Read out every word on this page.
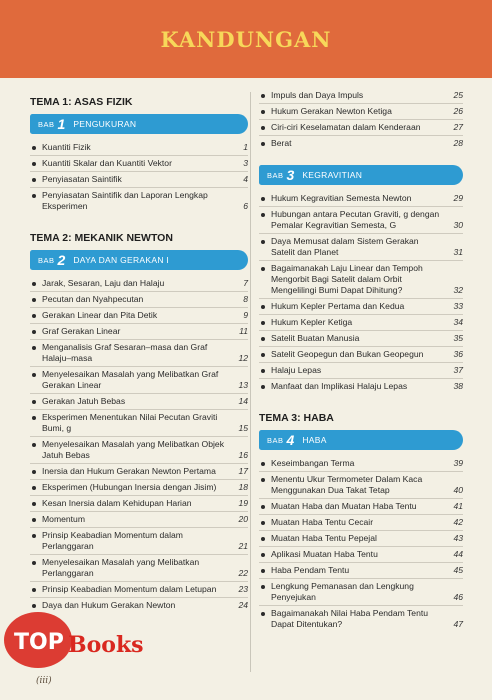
KANDUNGAN
TEMA 1: ASAS FIZIK
BAB 1 PENGUKURAN
Kuantiti Fizik	1
Kuantiti Skalar dan Kuantiti Vektor	3
Penyiasatan Saintifik	4
Penyiasatan Saintifik dan Laporan Lengkap Eksperimen	6
TEMA 2: MEKANIK NEWTON
BAB 2 DAYA DAN GERAKAN I
Jarak, Sesaran, Laju dan Halaju	7
Pecutan dan Nyahpecutan	8
Gerakan Linear dan Pita Detik	9
Graf Gerakan Linear	11
Menganalisis Graf Sesaran–masa dan Graf Halaju–masa	12
Menyelesaikan Masalah yang Melibatkan Graf Gerakan Linear	13
Gerakan Jatuh Bebas	14
Eksperimen Menentukan Nilai Pecutan Graviti Bumi, g	15
Menyelesaikan Masalah yang Melibatkan Objek Jatuh Bebas	16
Inersia dan Hukum Gerakan Newton Pertama	17
Eksperimen (Hubungan Inersia dengan Jisim)	18
Kesan Inersia dalam Kehidupan Harian	19
Momentum	20
Prinsip Keabadian Momentum dalam Perlanggaran	21
Menyelesaikan Masalah yang Melibatkan Perlanggaran	22
Prinsip Keabadian Momentum dalam Letupan	23
Daya dan Hukum Gerakan Newton	24
Impuls dan Daya Impuls	25
Hukum Gerakan Newton Ketiga	26
Ciri-ciri Keselamatan dalam Kenderaan	27
Berat	28
BAB 3 KEGRAVITIAN
Hukum Kegravitian Semesta Newton	29
Hubungan antara Pecutan Graviti, g dengan Pemalar Kegravitian Semesta, G	30
Daya Memusat dalam Sistem Gerakan Satelit dan Planet	31
Bagaimanakah Laju Linear dan Tempoh Mengorbit Bagi Satelit dalam Orbit Mengelilingi Bumi Dapat Dihitung?	32
Hukum Kepler Pertama dan Kedua	33
Hukum Kepler Ketiga	34
Satelit Buatan Manusia	35
Satelit Geopegun dan Bukan Geopegun	36
Halaju Lepas	37
Manfaat dan Implikasi Halaju Lepas	38
TEMA 3: HABA
BAB 4 HABA
Keseimbangan Terma	39
Menentu Ukur Termometer Dalam Kaca Menggunakan Dua Takat Tetap	40
Muatan Haba dan Muatan Haba Tentu	41
Muatan Haba Tentu Cecair	42
Muatan Haba Tentu Pepejal	43
Aplikasi Muatan Haba Tentu	44
Haba Pendam Tentu	45
Lengkung Pemanasan dan Lengkung Penyejukan	46
Bagaimanakah Nilai Haba Pendam Tentu Dapat Ditentukan?	47
TOP Books
(iii)
